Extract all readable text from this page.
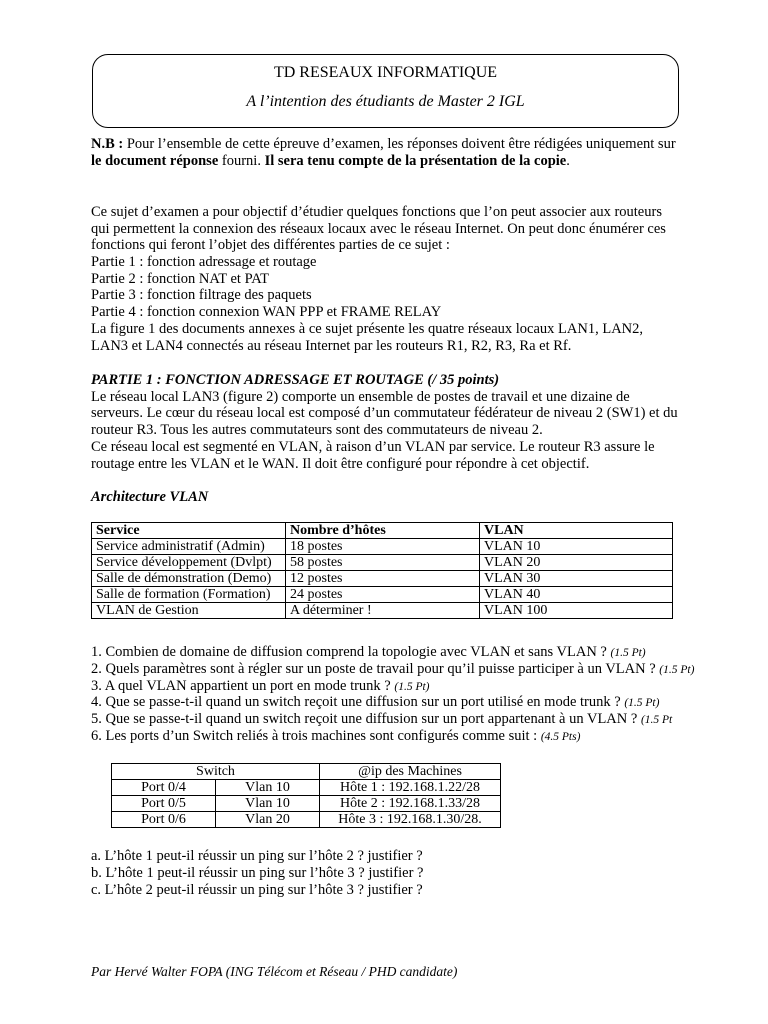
TD RESEAUX INFORMATIQUE
A l’intention des étudiants de Master 2 IGL
N.B : Pour l’ensemble de cette épreuve d’examen, les réponses doivent être rédigées uniquement sur
le document réponse fourni. Il sera tenu compte de la présentation de la copie.
Ce sujet d’examen a pour objectif d’étudier quelques fonctions que l’on peut associer aux routeurs
qui permettent la connexion des réseaux locaux avec le réseau Internet. On peut donc énumérer ces
fonctions qui feront l’objet des différentes parties de ce sujet :
Partie 1 : fonction adressage et routage
Partie 2 : fonction NAT et PAT
Partie 3 : fonction filtrage des paquets
Partie 4 : fonction connexion WAN PPP et FRAME RELAY
La figure 1 des documents annexes à ce sujet présente les quatre réseaux locaux LAN1, LAN2,
LAN3 et LAN4 connectés au réseau Internet par les routeurs R1, R2, R3, Ra et Rf.
PARTIE 1 : FONCTION ADRESSAGE ET ROUTAGE (/ 35 points)
Le réseau local LAN3 (figure 2) comporte un ensemble de postes de travail et une dizaine de
serveurs. Le cœur du réseau local est composé d’un commutateur fédérateur de niveau 2 (SW1) et du
routeur R3. Tous les autres commutateurs sont des commutateurs de niveau 2.
Ce réseau local est segmenté en VLAN, à raison d’un VLAN par service. Le routeur R3 assure le
routage entre les VLAN et le WAN. Il doit être configuré pour répondre à cet objectif.
Architecture VLAN
Service	Nombre d’hôtes	VLAN
Service administratif (Admin)	18 postes	VLAN 10
Service développement (Dvlpt)	58 postes	VLAN 20
Salle de démonstration (Demo)	12 postes	VLAN 30
Salle de formation (Formation)	24 postes	VLAN 40
VLAN de Gestion	A déterminer !	VLAN 100
1. Combien de domaine de diffusion comprend la topologie avec VLAN et sans VLAN ? (1.5 Pt)
2. Quels paramètres sont à régler sur un poste de travail pour qu’il puisse participer à un VLAN ? (1.5 Pt)
3. A quel VLAN appartient un port en mode trunk ? (1.5 Pt)
4. Que se passe-t-il quand un switch reçoit une diffusion sur un port utilisé en mode trunk ? (1.5 Pt)
5. Que se passe-t-il quand un switch reçoit une diffusion sur un port appartenant à un VLAN ? (1.5 Pt
6. Les ports d’un Switch reliés à trois machines sont configurés comme suit : (4.5 Pts)
Switch		@ip des Machines
Port 0/4	Vlan 10	Hôte 1 : 192.168.1.22/28
Port 0/5	Vlan 10	Hôte 2 : 192.168.1.33/28
Port 0/6	Vlan 20	Hôte 3 : 192.168.1.30/28.
a. L’hôte 1 peut-il réussir un ping sur l’hôte 2 ? justifier ?
b. L’hôte 1 peut-il réussir un ping sur l’hôte 3 ? justifier ?
c. L’hôte 2 peut-il réussir un ping sur l’hôte 3 ? justifier ?
Par Hervé Walter FOPA (ING Télécom et Réseau / PHD candidate)
